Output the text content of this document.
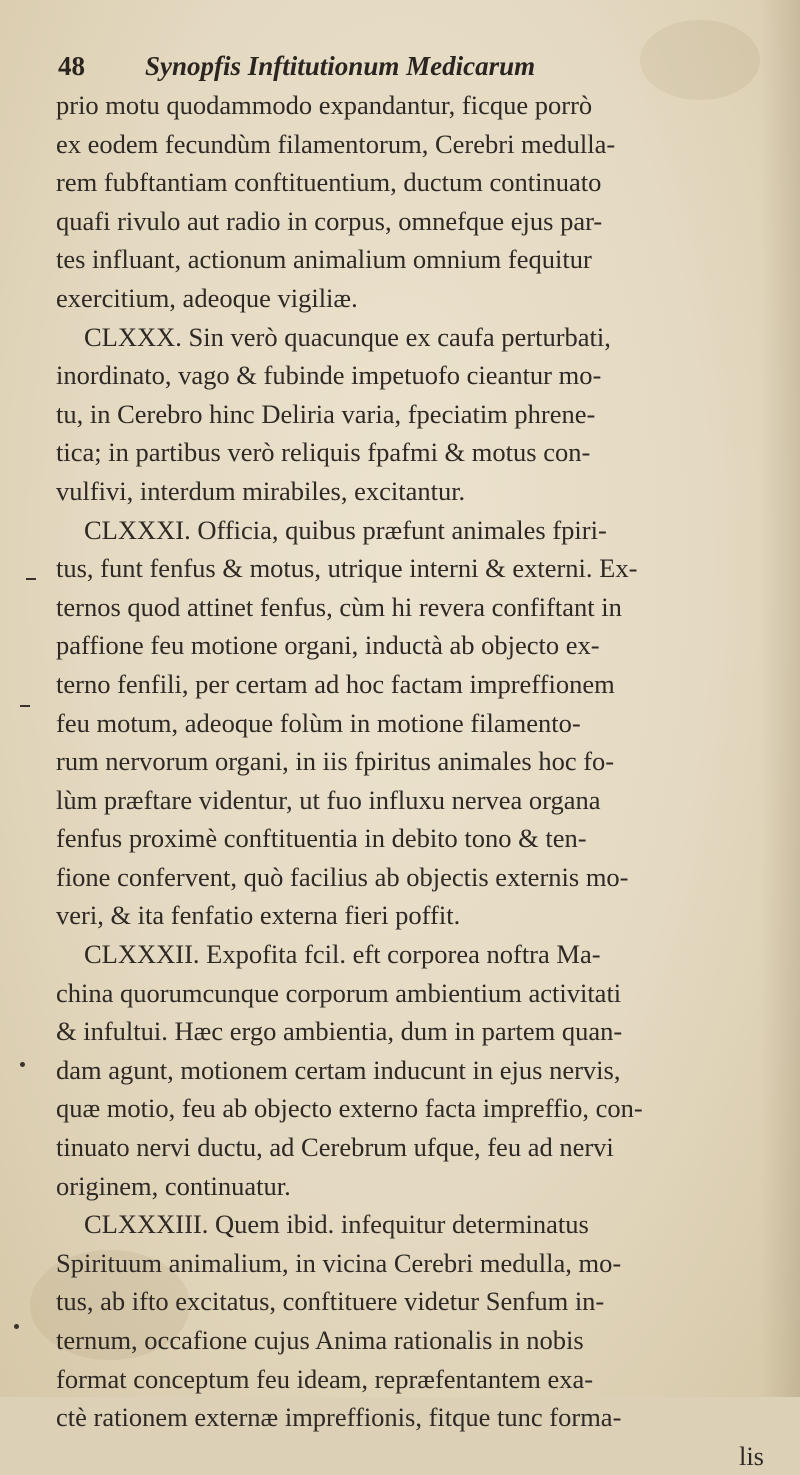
48 Synopfis Inftitutionum Medicarum
prio motu quodammodo expandantur, ficque porrò
ex eodem fecundùm filamentorum, Cerebri medulla-
rem fubftantiam conftituentium, ductum continuato
quafi rivulo aut radio in corpus, omnefque ejus par-
tes influant, actionum animalium omnium fequitur
exercitium, adeoque vigiliæ.
CLXXX. Sin verò quacunque ex caufa perturbati,
inordinato, vago & fubinde impetuofo cieantur mo-
tu, in Cerebro hinc Deliria varia, fpeciatim phrene-
tica; in partibus verò reliquis fpafmi & motus con-
vulfivi, interdum mirabiles, excitantur.
CLXXXI. Officia, quibus præfunt animales fpiri-
tus, funt fenfus & motus, utrique interni & externi. Ex-
ternos quod attinet fenfus, cùm hi revera confiftant in
paffione feu motione organi, inductà ab objecto ex-
terno fenfili, per certam ad hoc factam impreffionem
feu motum, adeoque folùm in motione filamento-
rum nervorum organi, in iis fpiritus animales hoc fo-
lùm præftare videntur, ut fuo influxu nervea organa
fenfus proximè conftituentia in debito tono & ten-
fione confervent, quò facilius ab objectis externis mo-
veri, & ita fenfatio externa fieri poffit.
CLXXXII. Expofita fcil. eft corporea noftra Ma-
china quorumcunque corporum ambientium activitati
& infultui. Hæc ergo ambientia, dum in partem quan-
dam agunt, motionem certam inducunt in ejus nervis,
quæ motio, feu ab objecto externo facta impreffio, con-
tinuato nervi ductu, ad Cerebrum ufque, feu ad nervi
originem, continuatur.
CLXXXIII. Quem ibid. infequitur determinatus
Spirituum animalium, in vicina Cerebri medulla, mo-
tus, ab ifto excitatus, conftituere videtur Senfum in-
ternum, occafione cujus Anima rationalis in nobis
format conceptum feu ideam, repræfentantem exa-
ctè rationem externæ impreffionis, fitque tunc forma-
lis
